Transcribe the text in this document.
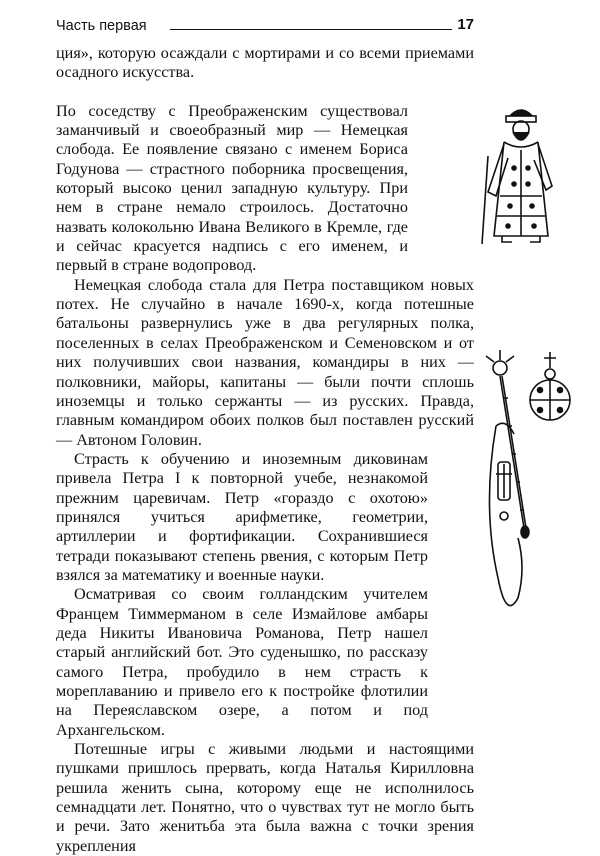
Часть первая	17

ция», которую осаждали с мортирами и со всеми приемами осадного искусства.

По соседству с Преображенским существовал заманчивый и своеобразный мир — Немецкая слобода. Ее появление связано с именем Бориса Годунова — страстного поборника просвещения, который высоко ценил западную культуру. При нем в стране немало строилось. Достаточно назвать колокольню Ивана Великого в Кремле, где и сейчас красуется надпись с его именем, и первый в стране водопровод.

Немецкая слобода стала для Петра поставщиком новых потех. Не случайно в начале 1690-х, когда потешные батальоны развернулись уже в два регулярных полка, поселенных в селах Преображенском и Семеновском и от них получивших свои названия, командиры в них — полковники, майоры, капитаны — были почти сплошь иноземцы и только сержанты — из русских. Правда, главным командиром обоих полков был поставлен русский — Автоном Головин.

Страсть к обучению и иноземным диковинам привела Петра I к повторной учебе, незнакомой прежним царевичам. Петр «гораздо с охотою» принялся учиться арифметике, геометрии, артиллерии и фортификации. Сохранившиеся тетради показывают степень рвения, с которым Петр взялся за математику и военные науки.

Осматривая со своим голландским учителем Францем Тиммерманом в селе Измайлове амбары деда Никиты Ивановича Романова, Петр нашел старый английский бот. Это суденышко, по рассказу самого Петра, пробудило в нем страсть к мореплаванию и привело его к постройке флотилии на Переяславском озере, а потом и под Архангельском.

Потешные игры с живыми людьми и настоящими пушками пришлось прервать, когда Наталья Кирилловна решила женить сына, которому еще не исполнилось семнадцати лет. Понятно, что о чувствах тут не могло быть и речи. Зато женитьба эта была важна с точки зрения укрепления
